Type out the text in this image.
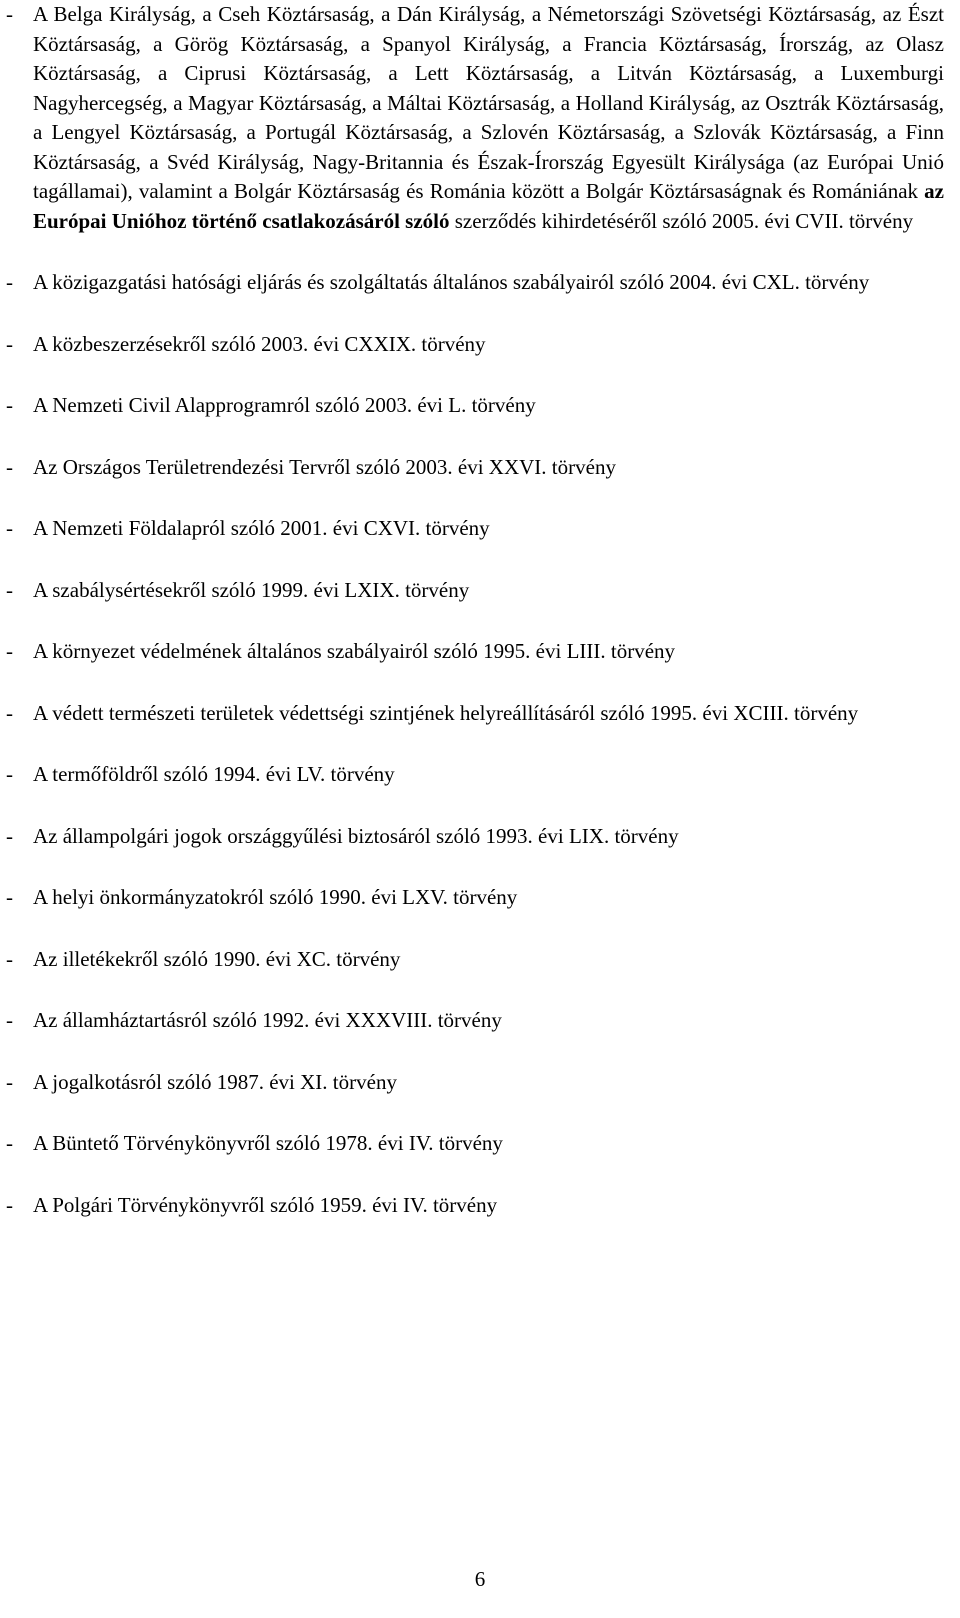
- A Belga Királyság, a Cseh Köztársaság, a Dán Királyság, a Németországi Szövetségi Köztársaság, az Észt Köztársaság, a Görög Köztársaság, a Spanyol Királyság, a Francia Köztársaság, Írország, az Olasz Köztársaság, a Ciprusi Köztársaság, a Lett Köztársaság, a Litván Köztársaság, a Luxemburgi Nagyhercegség, a Magyar Köztársaság, a Máltai Köztársaság, a Holland Királyság, az Osztrák Köztársaság, a Lengyel Köztársaság, a Portugál Köztársaság, a Szlovén Köztársaság, a Szlovák Köztársaság, a Finn Köztársaság, a Svéd Királyság, Nagy-Britannia és Észak-Írország Egyesült Királysága (az Európai Unió tagállamai), valamint a Bolgár Köztársaság és Románia között a Bolgár Köztársaságnak és Romániának az Európai Unióhoz történő csatlakozásáról szóló szerződés kihirdetéséről szóló 2005. évi CVII. törvény
- A közigazgatási hatósági eljárás és szolgáltatás általános szabályairól szóló 2004. évi CXL. törvény
- A közbeszerzésekről szóló 2003. évi CXXIX. törvény
- A Nemzeti Civil Alapprogramról szóló 2003. évi L. törvény
- Az Országos Területrendezési Tervről szóló 2003. évi XXVI. törvény
- A Nemzeti Földalapról szóló 2001. évi CXVI. törvény
- A szabálysértésekről szóló 1999. évi LXIX. törvény
- A környezet védelmének általános szabályairól szóló 1995. évi LIII. törvény
- A védett természeti területek védettségi szintjének helyreállításáról szóló 1995. évi XCIII. törvény
- A termőföldről szóló 1994. évi LV. törvény
- Az állampolgári jogok országgyűlési biztosáról szóló 1993. évi LIX. törvény
- A helyi önkormányzatokról szóló 1990. évi LXV. törvény
- Az illetékekről szóló 1990. évi XC. törvény
- Az államháztartásról szóló 1992. évi XXXVIII. törvény
- A jogalkotásról szóló 1987. évi XI. törvény
- A Büntető Törvénykönyvről szóló 1978. évi IV. törvény
- A Polgári Törvénykönyvről szóló 1959. évi IV. törvény
6
